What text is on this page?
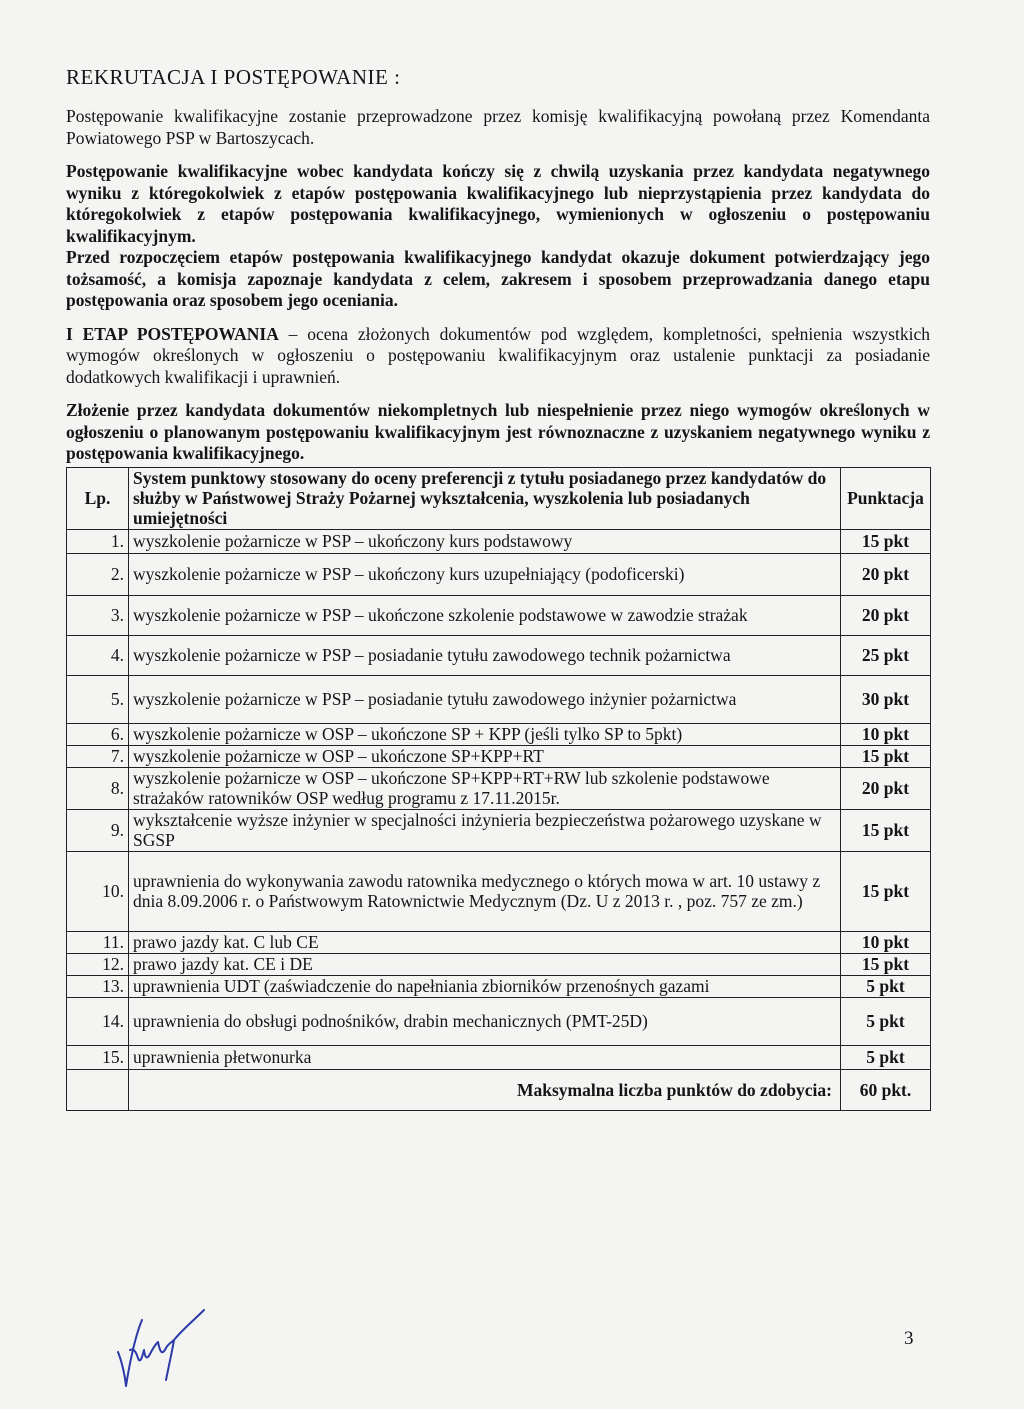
REKRUTACJA I POSTĘPOWANIE :

Postępowanie kwalifikacyjne zostanie przeprowadzone przez komisję kwalifikacyjną powołaną przez Komendanta Powiatowego PSP w Bartoszycach.

Postępowanie kwalifikacyjne wobec kandydata kończy się z chwilą uzyskania przez kandydata negatywnego wyniku z któregokolwiek z etapów postępowania kwalifikacyjnego lub nieprzystąpienia przez kandydata do któregokolwiek z etapów postępowania kwalifikacyjnego, wymienionych w ogłoszeniu o postępowaniu kwalifikacyjnym.

Przed rozpoczęciem etapów postępowania kwalifikacyjnego kandydat okazuje dokument potwierdzający jego tożsamość, a komisja zapoznaje kandydata z celem, zakresem i sposobem przeprowadzania danego etapu postępowania oraz sposobem jego oceniania.

I ETAP POSTĘPOWANIA – ocena złożonych dokumentów pod względem, kompletności, spełnienia wszystkich wymogów określonych w ogłoszeniu o postępowaniu kwalifikacyjnym oraz ustalenie punktacji za posiadanie dodatkowych kwalifikacji i uprawnień.

Złożenie przez kandydata dokumentów niekompletnych lub niespełnienie przez niego wymogów określonych w ogłoszeniu o planowanym postępowaniu kwalifikacyjnym jest równoznaczne z uzyskaniem negatywnego wyniku z postępowania kwalifikacyjnego.

Lp.	System punktowy stosowany do oceny preferencji z tytułu posiadanego przez kandydatów do służby w Państwowej Straży Pożarnej wykształcenia, wyszkolenia lub posiadanych umiejętności	Punktacja
1.	wyszkolenie pożarnicze w PSP – ukończony kurs podstawowy	15 pkt
2.	wyszkolenie pożarnicze w PSP – ukończony kurs uzupełniający (podoficerski)	20 pkt
3.	wyszkolenie pożarnicze w PSP – ukończone szkolenie podstawowe w zawodzie strażak	20 pkt
4.	wyszkolenie pożarnicze w PSP – posiadanie tytułu zawodowego technik pożarnictwa	25 pkt
5.	wyszkolenie pożarnicze w PSP – posiadanie tytułu zawodowego inżynier pożarnictwa	30 pkt
6.	wyszkolenie pożarnicze w OSP – ukończone SP + KPP (jeśli tylko SP to 5pkt)	10 pkt
7.	wyszkolenie pożarnicze w OSP – ukończone SP+KPP+RT	15 pkt
8.	wyszkolenie pożarnicze w OSP – ukończone SP+KPP+RT+RW lub szkolenie podstawowe strażaków ratowników OSP według programu z 17.11.2015r.	20 pkt
9.	wykształcenie wyższe inżynier w specjalności inżynieria bezpieczeństwa pożarowego uzyskane w SGSP	15 pkt
10.	uprawnienia do wykonywania zawodu ratownika medycznego o których mowa w art. 10 ustawy z dnia 8.09.2006 r. o Państwowym Ratownictwie Medycznym (Dz. U z 2013 r. , poz. 757 ze zm.)	15 pkt
11.	prawo jazdy kat. C lub CE	10 pkt
12.	prawo jazdy kat. CE i DE	15 pkt
13.	uprawnienia UDT (zaświadczenie do napełniania zbiorników przenośnych gazami	5 pkt
14.	uprawnienia do obsługi podnośników, drabin mechanicznych (PMT-25D)	5 pkt
15.	uprawnienia płetwonurka	5 pkt
	Maksymalna liczba punktów do zdobycia:	60 pkt.
3
